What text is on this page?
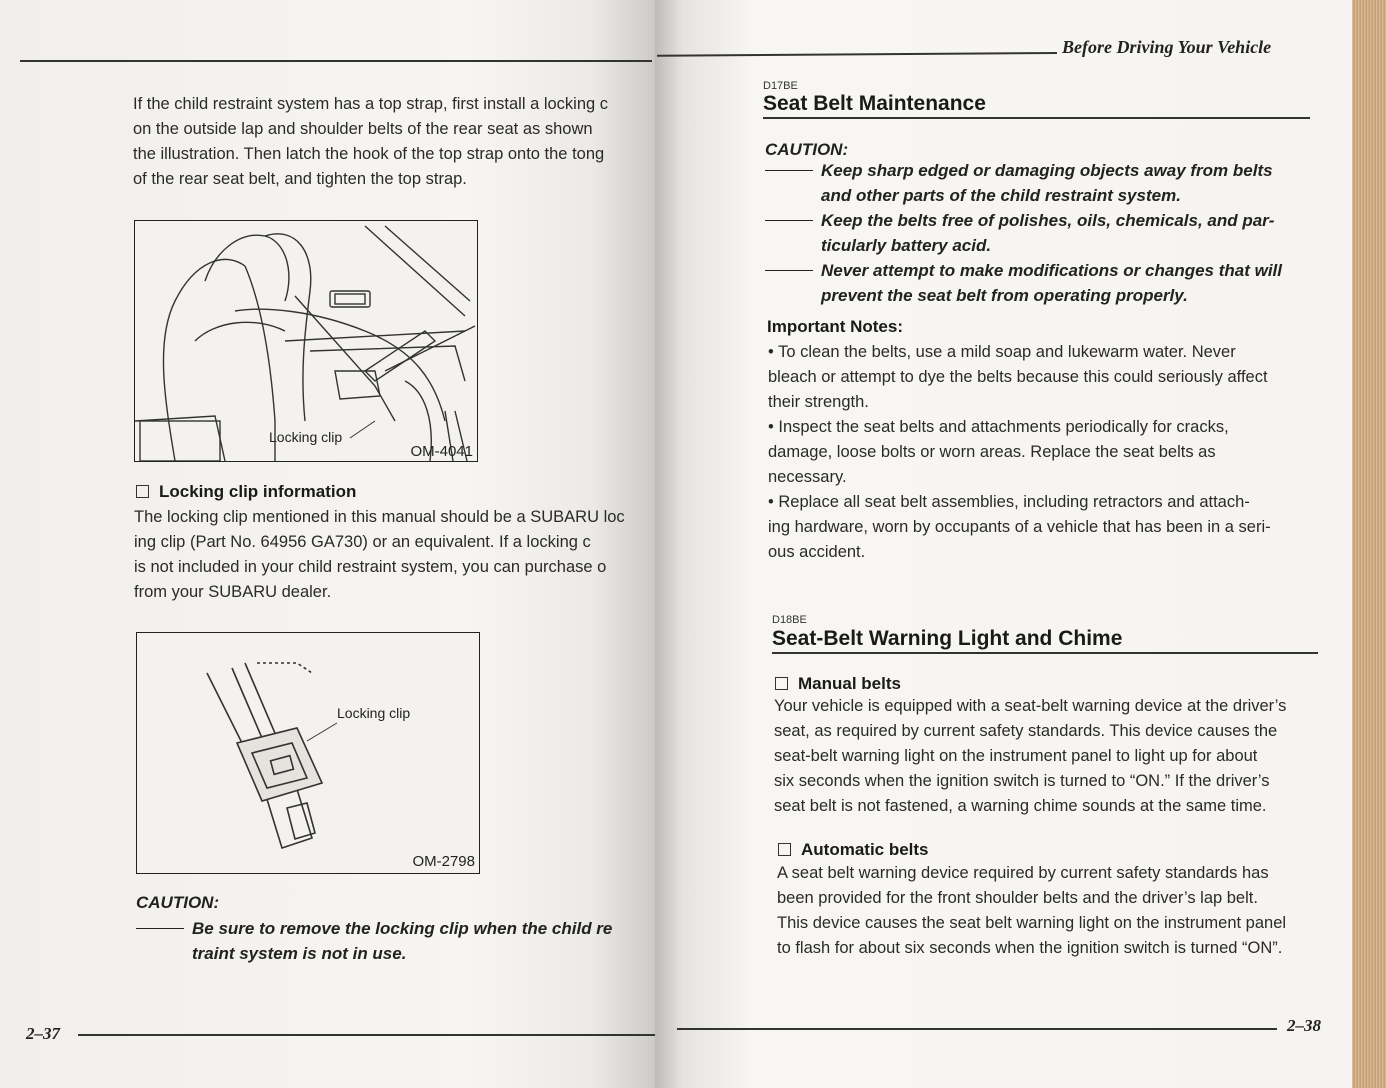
If the child restraint system has a top strap, first install a locking c
on the outside lap and shoulder belts of the rear seat as shown
the illustration. Then latch the hook of the top strap onto the tong
of the rear seat belt, and tighten the top strap.
Locking clip
OM-4041
Locking clip information
The locking clip mentioned in this manual should be a SUBARU loc
ing clip (Part No. 64956 GA730) or an equivalent. If a locking c
is not included in your child restraint system, you can purchase o
from your SUBARU dealer.
Locking clip
OM-2798
CAUTION:
Be sure to remove the locking clip when the child re
traint system is not in use.
2–37
Before Driving Your Vehicle
D17BE
Seat Belt Maintenance
CAUTION:
Keep sharp edged or damaging objects away from belts
and other parts of the child restraint system.
Keep the belts free of polishes, oils, chemicals, and par-
ticularly battery acid.
Never attempt to make modifications or changes that will
prevent the seat belt from operating properly.
Important Notes:
• To clean the belts, use a mild soap and lukewarm water. Never
bleach or attempt to dye the belts because this could seriously affect
their strength.
• Inspect the seat belts and attachments periodically for cracks,
damage, loose bolts or worn areas. Replace the seat belts as
necessary.
• Replace all seat belt assemblies, including retractors and attach-
ing hardware, worn by occupants of a vehicle that has been in a seri-
ous accident.
D18BE
Seat-Belt Warning Light and Chime
Manual belts
Your vehicle is equipped with a seat-belt warning device at the driver’s
seat, as required by current safety standards. This device causes the
seat-belt warning light on the instrument panel to light up for about
six seconds when the ignition switch is turned to “ON.” If the driver’s
seat belt is not fastened, a warning chime sounds at the same time.
Automatic belts
A seat belt warning device required by current safety standards has
been provided for the front shoulder belts and the driver’s lap belt.
This device causes the seat belt warning light on the instrument panel
to flash for about six seconds when the ignition switch is turned “ON”.
2–38
